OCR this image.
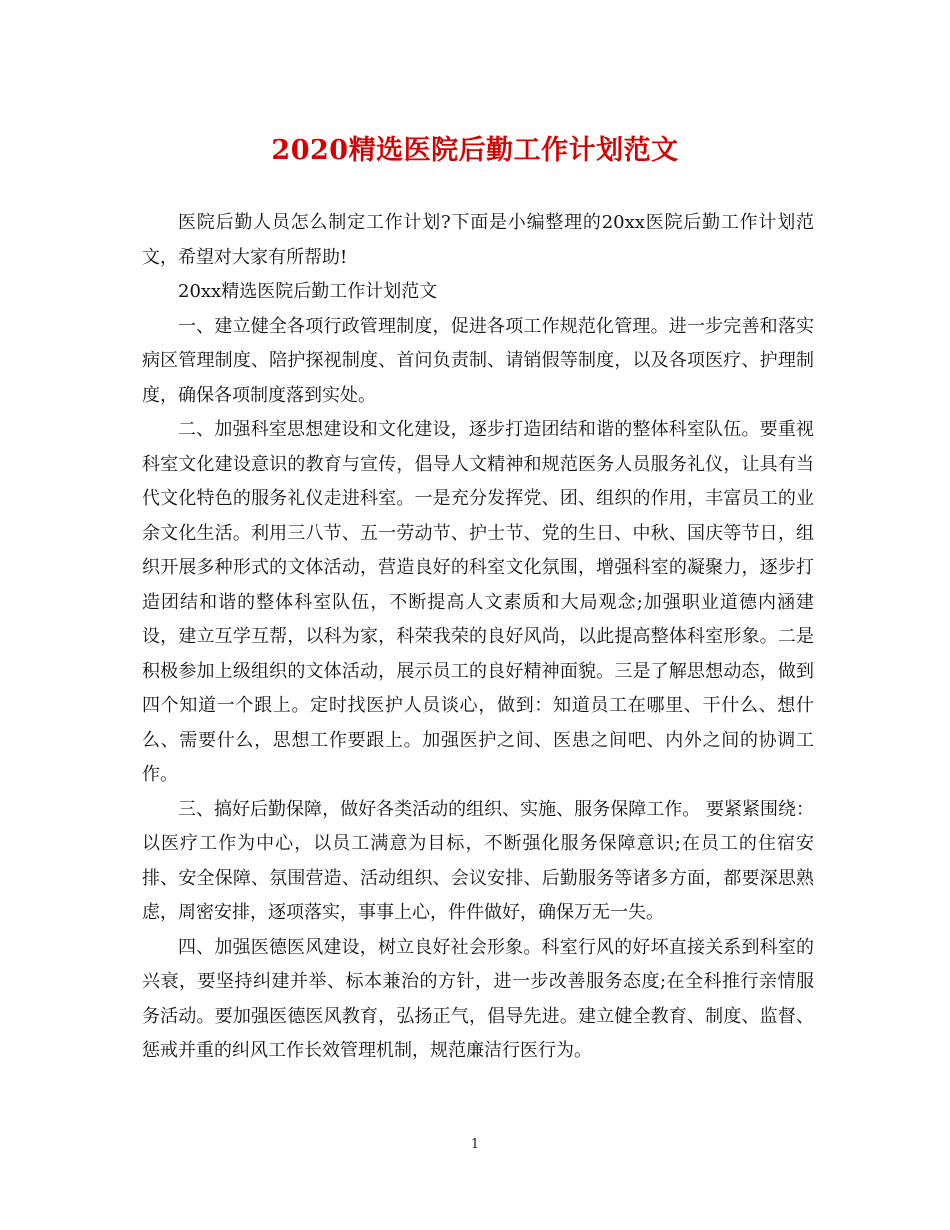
2020精选医院后勤工作计划范文

医院后勤人员怎么制定工作计划?下面是小编整理的20xx医院后勤工作计划范文，希望对大家有所帮助!

20xx精选医院后勤工作计划范文

一、建立健全各项行政管理制度，促进各项工作规范化管理。进一步完善和落实病区管理制度、陪护探视制度、首问负责制、请销假等制度，以及各项医疗、护理制度，确保各项制度落到实处。

二、加强科室思想建设和文化建设，逐步打造团结和谐的整体科室队伍。要重视科室文化建设意识的教育与宣传，倡导人文精神和规范医务人员服务礼仪，让具有当代文化特色的服务礼仪走进科室。一是充分发挥党、团、组织的作用，丰富员工的业余文化生活。利用三八节、五一劳动节、护士节、党的生日、中秋、国庆等节日，组织开展多种形式的文体活动，营造良好的科室文化氛围，增强科室的凝聚力，逐步打造团结和谐的整体科室队伍，不断提高人文素质和大局观念;加强职业道德内涵建设，建立互学互帮，以科为家，科荣我荣的良好风尚，以此提高整体科室形象。二是积极参加上级组织的文体活动，展示员工的良好精神面貌。三是了解思想动态，做到四个知道一个跟上。定时找医护人员谈心，做到：知道员工在哪里、干什么、想什么、需要什么，思想工作要跟上。加强医护之间、医患之间吧、内外之间的协调工作。

三、搞好后勤保障，做好各类活动的组织、实施、服务保障工作。 要紧紧围绕：以医疗工作为中心，以员工满意为目标，不断强化服务保障意识;在员工的住宿安排、安全保障、氛围营造、活动组织、会议安排、后勤服务等诸多方面，都要深思熟虑，周密安排，逐项落实，事事上心，件件做好，确保万无一失。

四、加强医德医风建设，树立良好社会形象。科室行风的好坏直接关系到科室的兴衰，要坚持纠建并举、标本兼治的方针，进一步改善服务态度;在全科推行亲情服务活动。要加强医德医风教育，弘扬正气，倡导先进。建立健全教育、制度、监督、惩戒并重的纠风工作长效管理机制，规范廉洁行医行为。

1
